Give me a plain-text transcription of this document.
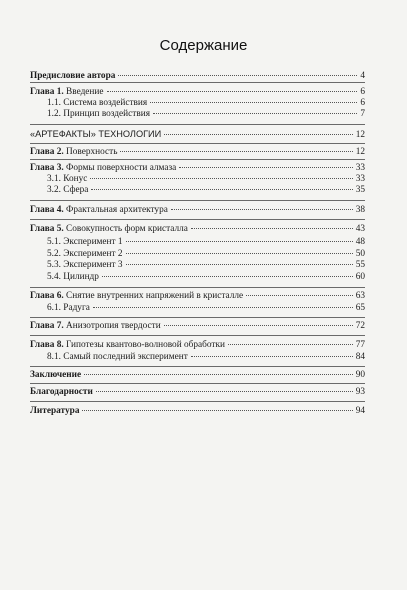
Содержание
Предисловие автора	4
Глава 1. Введение	6
1.1. Система воздействия	6
1.2. Принцип воздействия	7
«АРТЕФАКТЫ» ТЕХНОЛОГИИ	12
Глава 2. Поверхность	12
Глава 3. Формы поверхности алмаза	33
3.1. Конус	33
3.2. Сфера	35
Глава 4. Фрактальная архитектура	38
Глава 5. Совокупность форм кристалла	43
5.1. Эксперимент 1	48
5.2. Эксперимент 2	50
5.3. Эксперимент 3	55
5.4. Цилиндр	60
Глава 6. Снятие внутренних напряжений в кристалле	63
6.1. Радуга	65
Глава 7. Анизотропия твердости	72
Глава 8. Гипотезы квантово-волновой обработки	77
8.1. Самый последний эксперимент	84
Заключение	90
Благодарности	93
Литература	94
